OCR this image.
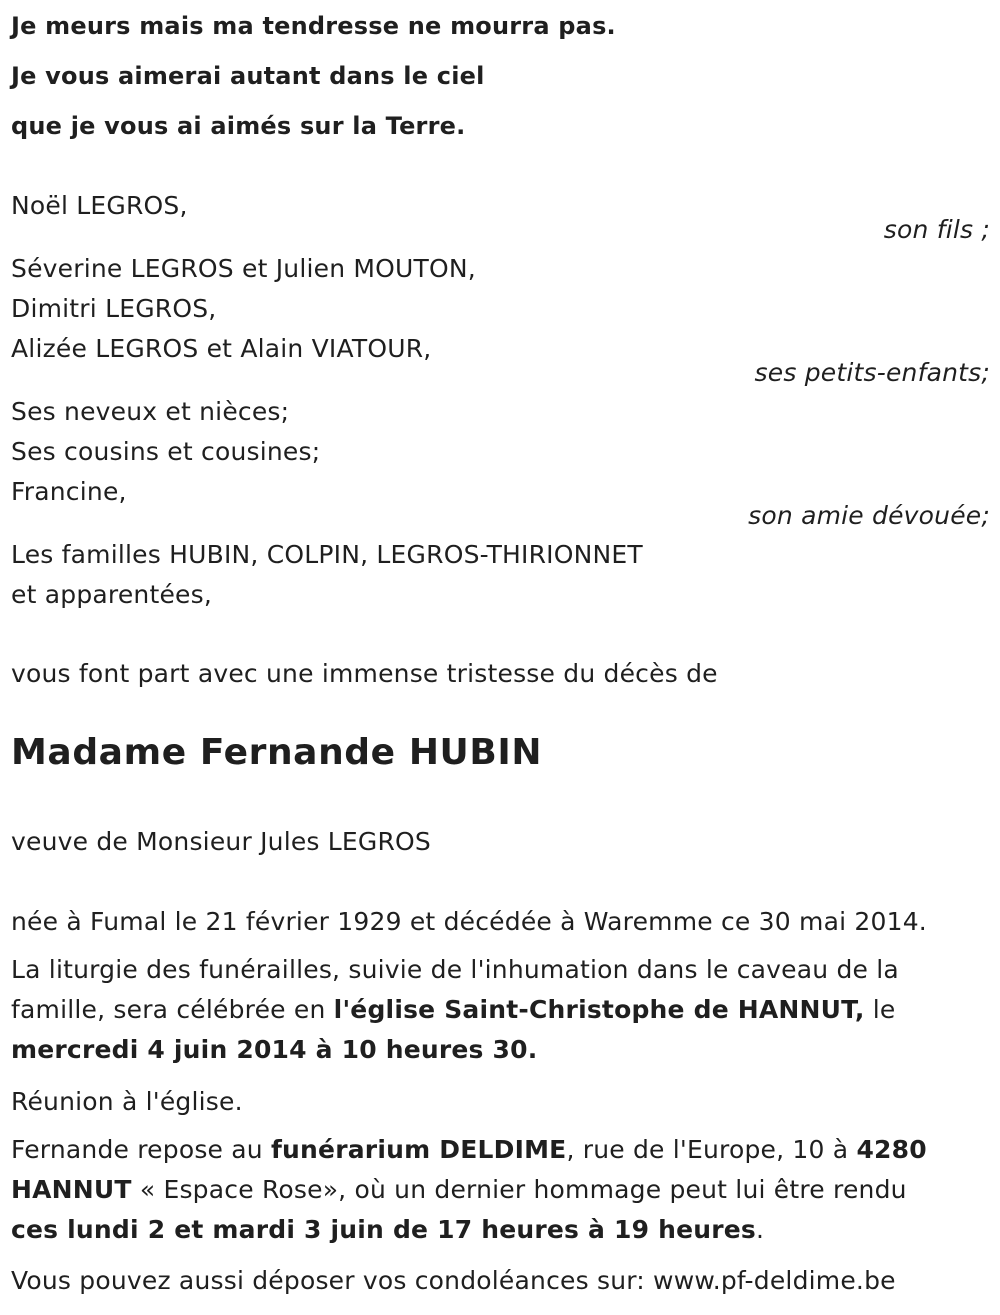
Je meurs mais ma tendresse ne mourra pas.
Je vous aimerai autant dans le ciel
que je vous ai aimés sur la Terre.
Noël LEGROS,
son fils ;
Séverine LEGROS et Julien MOUTON,
Dimitri LEGROS,
Alizée LEGROS et Alain VIATOUR,
ses petits-enfants;
Ses neveux et nièces;
Ses cousins et cousines;
Francine,
son amie dévouée;
Les familles HUBIN, COLPIN, LEGROS-THIRIONNET
et apparentées,
vous font part avec une immense tristesse du décès de
Madame Fernande HUBIN
veuve de Monsieur Jules LEGROS
née à Fumal le 21 février 1929 et décédée à Waremme ce 30 mai 2014.
La liturgie des funérailles, suivie de l'inhumation dans le caveau de la
famille, sera célébrée en l'église Saint-Christophe de HANNUT, le
mercredi 4 juin 2014 à 10 heures 30.
Réunion à l'église.
Fernande repose au funérarium DELDIME, rue de l'Europe, 10 à 4280
HANNUT « Espace Rose», où un dernier hommage peut lui être rendu
ces lundi 2 et mardi 3 juin de 17 heures à 19 heures.
Vous pouvez aussi déposer vos condoléances sur: www.pf-deldime.be
